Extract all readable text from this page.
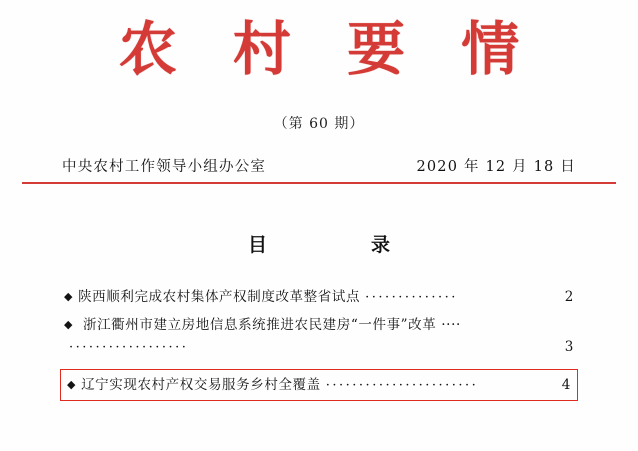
农 村 要 情
（第 60 期）
中央农村工作领导小组办公室	2020 年 12 月 18 日
目　　录
◆ 陕西顺利完成农村集体产权制度改革整省试点 ··············	2
◆ 浙江衢州市建立房地信息系统推进农民建房“一件事”改革 ····
··················	3
◆ 辽宁实现农村产权交易服务乡村全覆盖 ·······················	4
